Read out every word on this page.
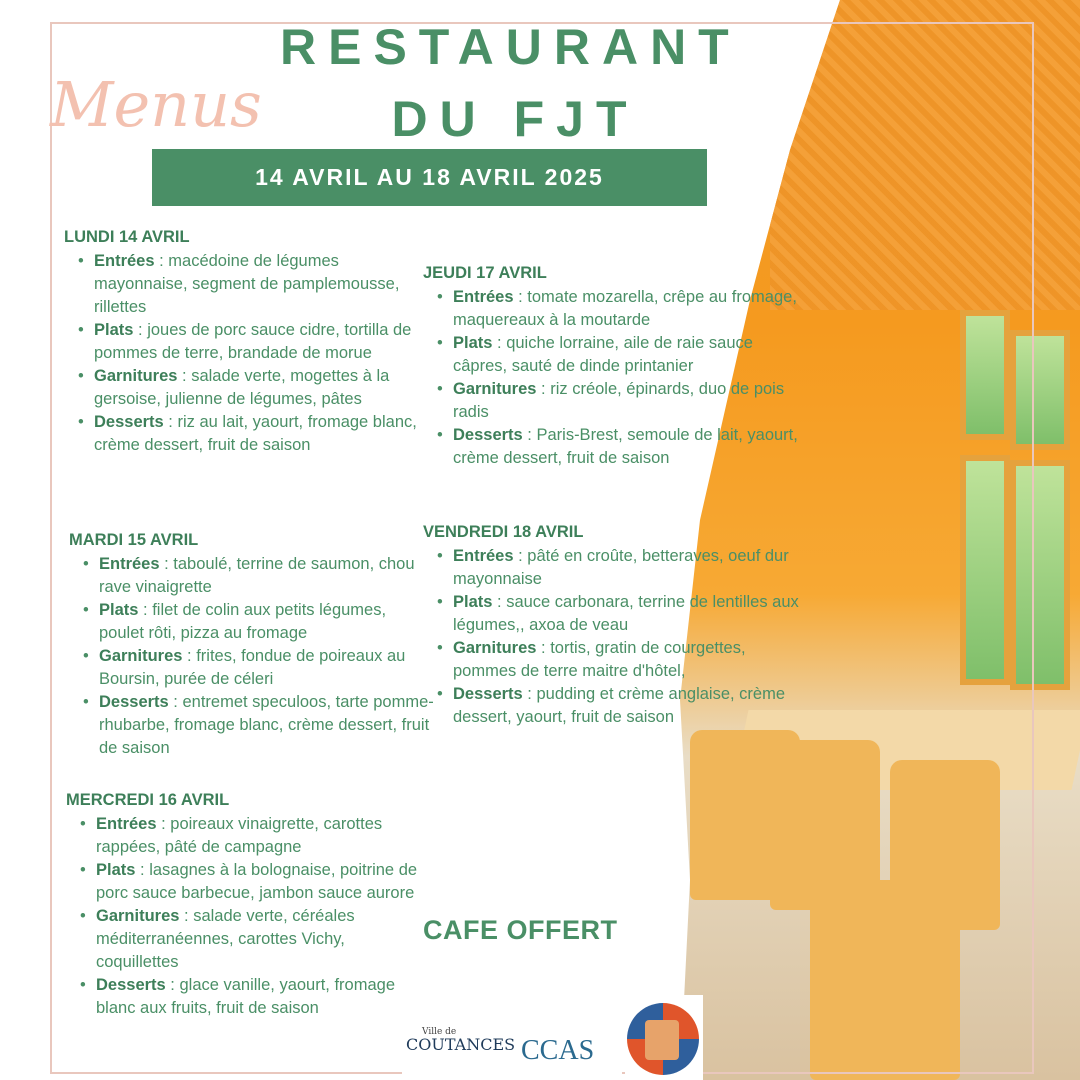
Menus
RESTAURANT
DU FJT
14 AVRIL AU 18 AVRIL 2025
LUNDI 14 AVRIL
• Entrées : macédoine de légumes mayonnaise, segment de pamplemousse, rillettes
• Plats : joues de porc sauce cidre, tortilla de pommes de terre, brandade de morue
• Garnitures : salade verte, mogettes à la gersoise, julienne de légumes, pâtes
• Desserts : riz au lait, yaourt, fromage blanc, crème dessert, fruit de saison
MARDI 15 AVRIL
• Entrées : taboulé, terrine de saumon, chou rave vinaigrette
• Plats : filet de colin aux petits légumes, poulet rôti, pizza au fromage
• Garnitures : frites, fondue de poireaux au Boursin, purée de céleri
• Desserts : entremet speculoos, tarte pomme-rhubarbe, fromage blanc, crème dessert, fruit de saison
MERCREDI 16 AVRIL
• Entrées : poireaux vinaigrette, carottes rappées, pâté de campagne
• Plats : lasagnes à la bolognaise, poitrine de porc sauce barbecue, jambon sauce aurore
• Garnitures : salade verte, céréales méditerranéennes, carottes Vichy, coquillettes
• Desserts : glace vanille, yaourt, fromage blanc aux fruits, fruit de saison
JEUDI 17 AVRIL
• Entrées : tomate mozarella, crêpe au fromage, maquereaux à la moutarde
• Plats : quiche lorraine, aile de raie sauce câpres, sauté de dinde printanier
• Garnitures : riz créole, épinards, duo de pois radis
• Desserts : Paris-Brest, semoule de lait, yaourt, crème dessert, fruit de saison
VENDREDI 18 AVRIL
• Entrées : pâté en croûte, betteraves, oeuf dur mayonnaise
• Plats : sauce carbonara, terrine de lentilles aux légumes,, axoa de veau
• Garnitures : tortis, gratin de courgettes, pommes de terre maitre d'hôtel,
• Desserts : pudding et crème anglaise, crème dessert, yaourt, fruit de saison
CAFE OFFERT
Ville de
COUTANCES CCAS
